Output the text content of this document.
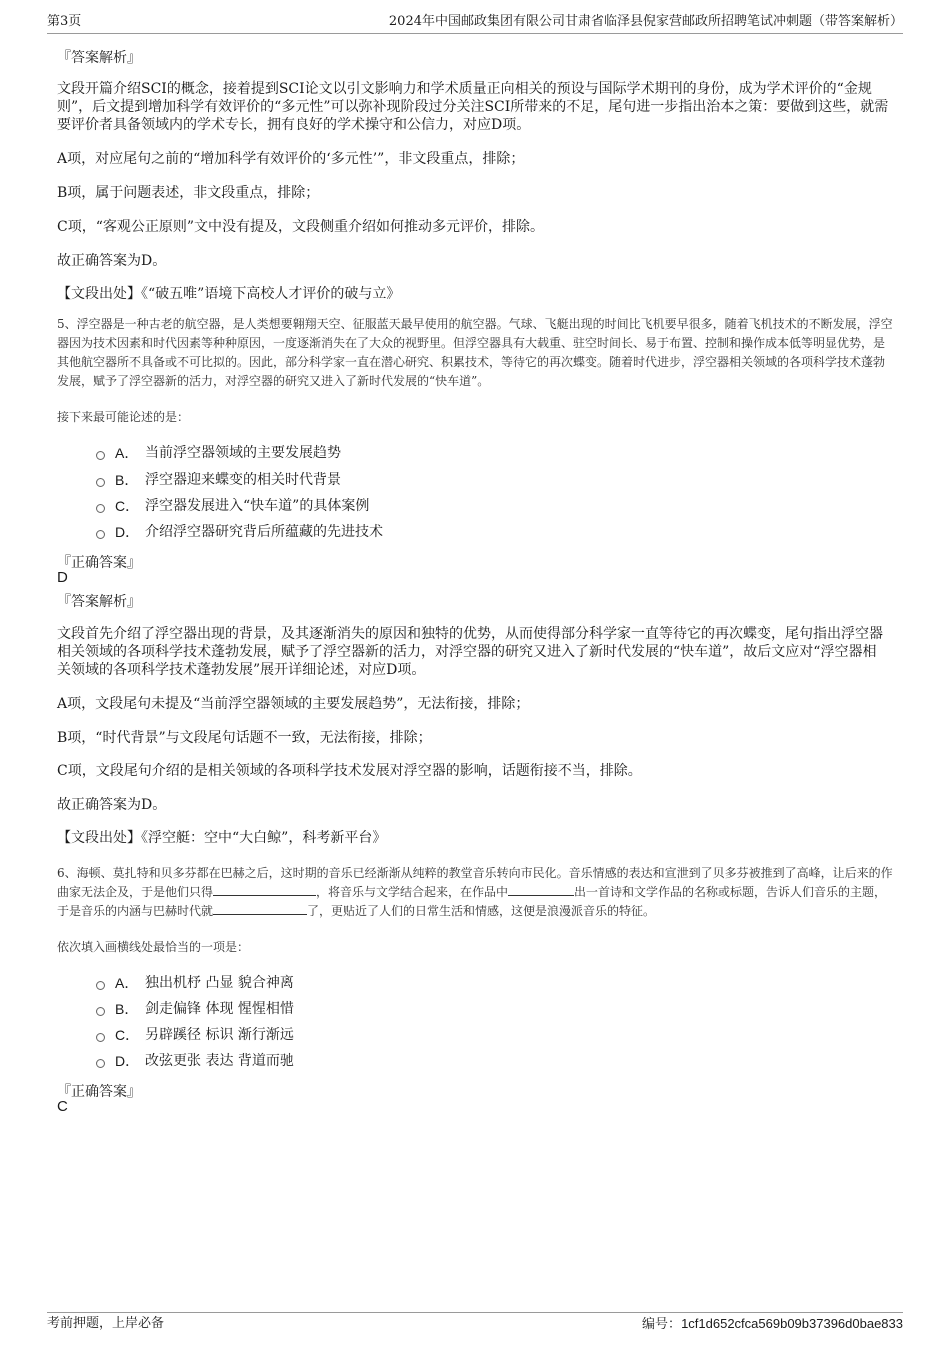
第3页	2024年中国邮政集团有限公司甘肃省临泽县倪家营邮政所招聘笔试冲刺题（带答案解析）
『答案解析』
文段开篇介绍SCI的概念，接着提到SCI论文以引文影响力和学术质量正向相关的预设与国际学术期刊的身份，成为学术评价的“金规则”，后文提到增加科学有效评价的“多元性”可以弥补现阶段过分关注SCI所带来的不足，尾句进一步指出治本之策：要做到这些，就需要评价者具备领域内的学术专长，拥有良好的学术操守和公信力，对应D项。
A项，对应尾句之前的“增加科学有效评价的‘多元性’”，非文段重点，排除；
B项，属于问题表述，非文段重点，排除；
C项，“客观公正原则”文中没有提及，文段侧重介绍如何推动多元评价，排除。
故正确答案为D。
【文段出处】《“破五唯”语境下高校人才评价的破与立》
5、浮空器是一种古老的航空器，是人类想要翱翔天空、征服蓝天最早使用的航空器。气球、飞艇出现的时间比飞机要早很多，随着飞机技术的不断发展，浮空器因为技术因素和时代因素等种种原因，一度逐渐消失在了大众的视野里。但浮空器具有大载重、驻空时间长、易于布置、控制和操作成本低等明显优势，是其他航空器所不具备或不可比拟的。因此，部分科学家一直在潜心研究、积累技术，等待它的再次蝶变。随着时代进步，浮空器相关领域的各项科学技术蓬勃发展，赋予了浮空器新的活力，对浮空器的研究又进入了新时代发展的“快车道”。
接下来最可能论述的是：
A． 当前浮空器领域的主要发展趋势
B． 浮空器迎来蝶变的相关时代背景
C． 浮空器发展进入“快车道”的具体案例
D． 介绍浮空器研究背后所蕴藏的先进技术
『正确答案』
D
『答案解析』
文段首先介绍了浮空器出现的背景，及其逐渐消失的原因和独特的优势，从而使得部分科学家一直等待它的再次蝶变，尾句指出浮空器相关领域的各项科学技术蓬勃发展，赋予了浮空器新的活力，对浮空器的研究又进入了新时代发展的“快车道”，故后文应对“浮空器相关领域的各项科学技术蓬勃发展”展开详细论述，对应D项。
A项，文段尾句未提及“当前浮空器领域的主要发展趋势”，无法衔接，排除；
B项，“时代背景”与文段尾句话题不一致，无法衔接，排除；
C项，文段尾句介绍的是相关领域的各项科学技术发展对浮空器的影响，话题衔接不当，排除。
故正确答案为D。
【文段出处】《浮空艇：空中“大白鲸”，科考新平台》
6、海顿、莫扎特和贝多芬都在巴赫之后，这时期的音乐已经渐渐从纯粹的教堂音乐转向市民化。音乐情感的表达和宣泄到了贝多芬被推到了高峰，让后来的作曲家无法企及，于是他们只得	，将音乐与文学结合起来，在作品中	出一首诗和文学作品的名称或标题，告诉人们音乐的主题，于是音乐的内涵与巴赫时代就	了，更贴近了人们的日常生活和情感，这便是浪漫派音乐的特征。
依次填入画横线处最恰当的一项是：
A． 独出机杼 凸显 貌合神离
B． 剑走偏锋 体现 惺惺相惜
C． 另辟蹊径 标识 渐行渐远
D． 改弦更张 表达 背道而驰
『正确答案』
C
考前押题，上岸必备	编号：1cf1d652cfca569b09b37396d0bae833
